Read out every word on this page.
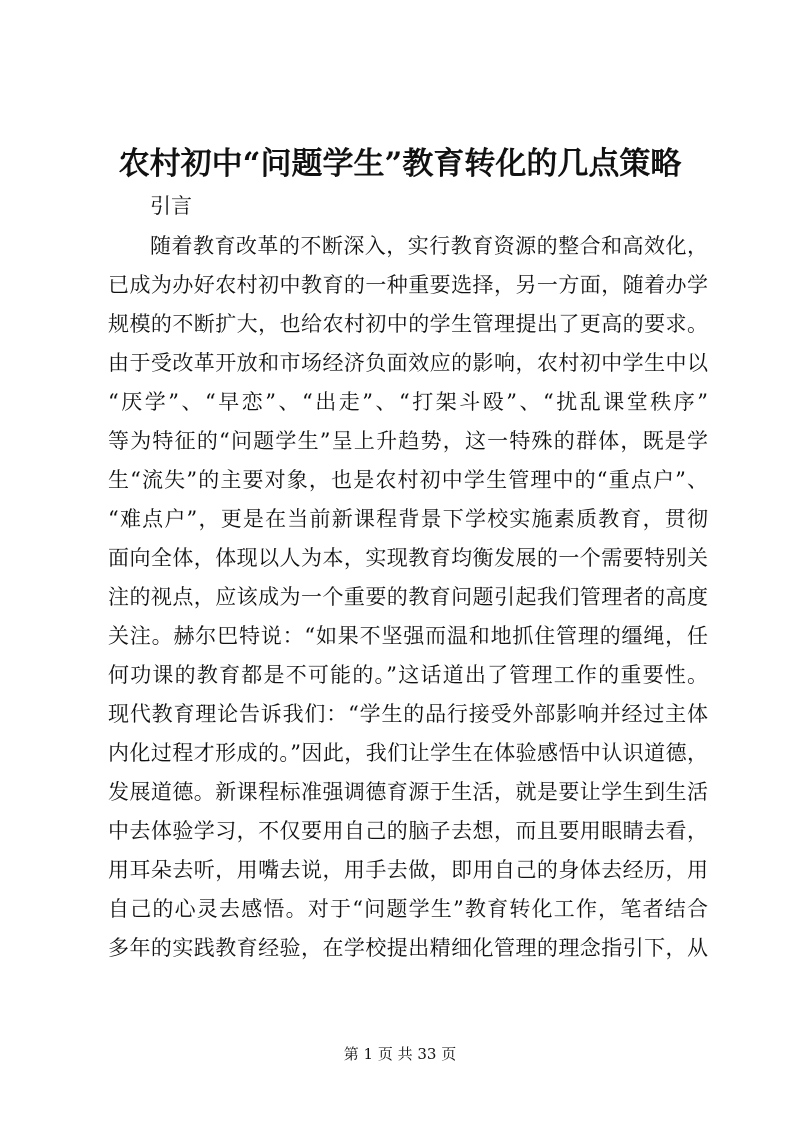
农村初中“问题学生”教育转化的几点策略
引言
随着教育改革的不断深入，实行教育资源的整合和高效化，
已成为办好农村初中教育的一种重要选择，另一方面，随着办学
规模的不断扩大，也给农村初中的学生管理提出了更高的要求。
由于受改革开放和市场经济负面效应的影响，农村初中学生中以
“厌学”、“早恋”、“出走”、“打架斗殴”、“扰乱课堂秩序”
等为特征的“问题学生”呈上升趋势，这一特殊的群体，既是学
生“流失”的主要对象，也是农村初中学生管理中的“重点户”、
“难点户”，更是在当前新课程背景下学校实施素质教育，贯彻
面向全体，体现以人为本，实现教育均衡发展的一个需要特别关
注的视点，应该成为一个重要的教育问题引起我们管理者的高度
关注。赫尔巴特说：“如果不坚强而温和地抓住管理的缰绳，任
何功课的教育都是不可能的。”这话道出了管理工作的重要性。
现代教育理论告诉我们：“学生的品行接受外部影响并经过主体
内化过程才形成的。”因此，我们让学生在体验感悟中认识道德，
发展道德。新课程标准强调德育源于生活，就是要让学生到生活
中去体验学习，不仅要用自己的脑子去想，而且要用眼睛去看，
用耳朵去听，用嘴去说，用手去做，即用自己的身体去经历，用
自己的心灵去感悟。对于“问题学生”教育转化工作，笔者结合
多年的实践教育经验，在学校提出精细化管理的理念指引下，从
第 1 页 共 33 页
